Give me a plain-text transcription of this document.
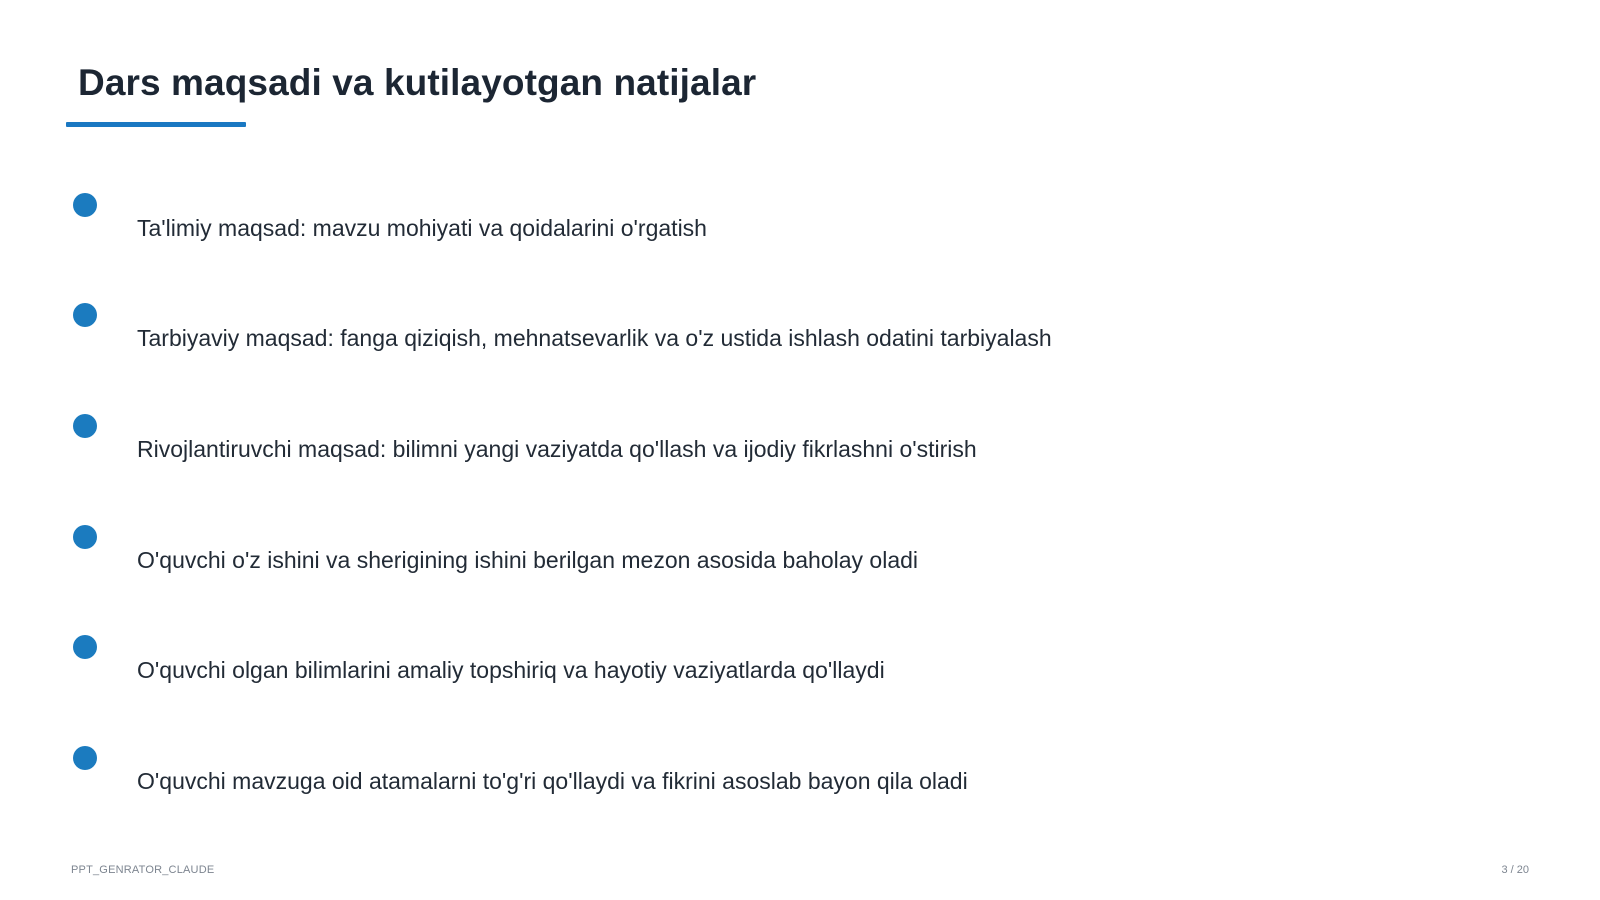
Dars maqsadi va kutilayotgan natijalar
Ta'limiy maqsad: mavzu mohiyati va qoidalarini o'rgatish
Tarbiyaviy maqsad: fanga qiziqish, mehnatsevarlik va o'z ustida ishlash odatini tarbiyalash
Rivojlantiruvchi maqsad: bilimni yangi vaziyatda qo'llash va ijodiy fikrlashni o'stirish
O'quvchi o'z ishini va sherigining ishini berilgan mezon asosida baholay oladi
O'quvchi olgan bilimlarini amaliy topshiriq va hayotiy vaziyatlarda qo'llaydi
O'quvchi mavzuga oid atamalarni to'g'ri qo'llaydi va fikrini asoslab bayon qila oladi
PPT_GENRATOR_CLAUDE	3 / 20
